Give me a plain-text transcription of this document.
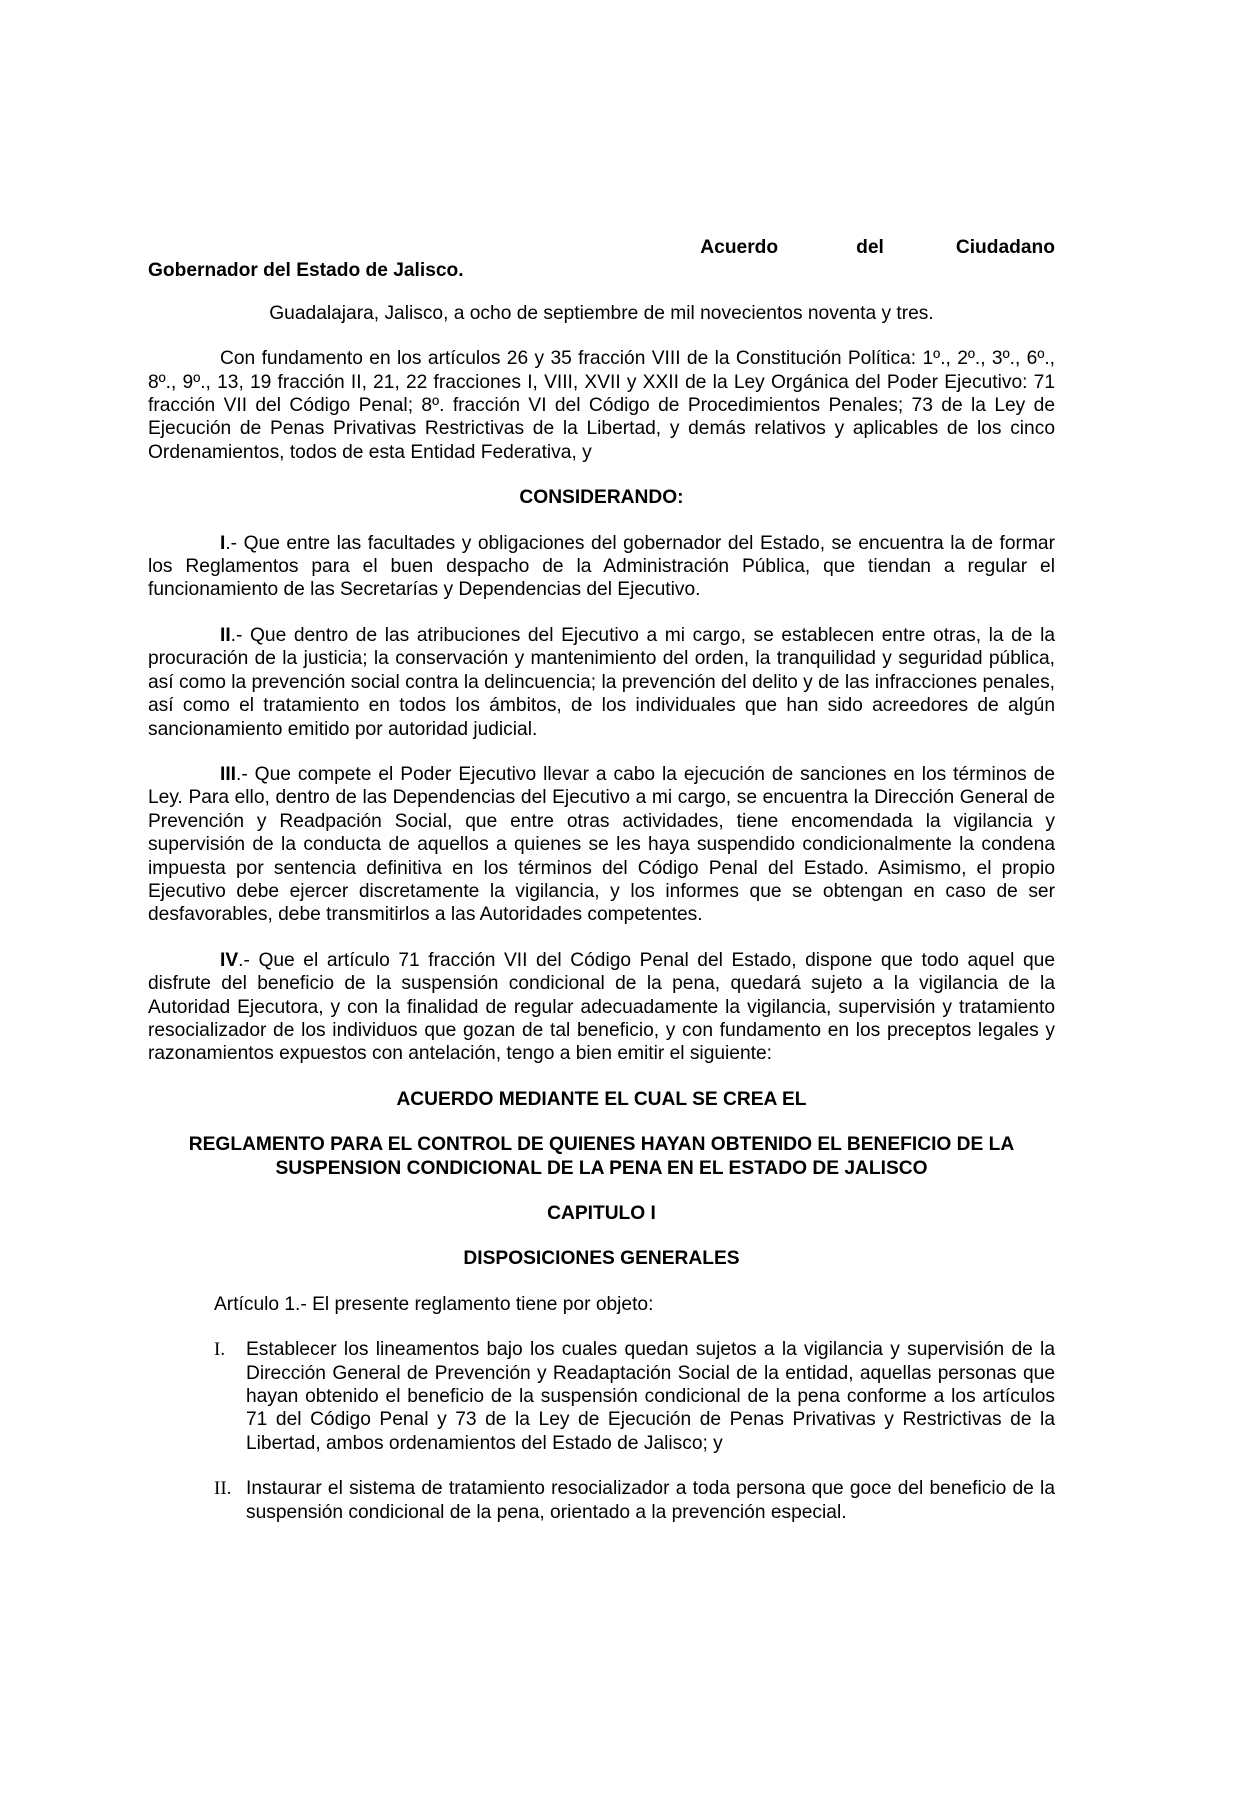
Acuerdo	del	Ciudadano
Gobernador del Estado de Jalisco.

Guadalajara, Jalisco, a ocho de septiembre de mil novecientos noventa y tres.

Con fundamento en los artículos 26 y 35 fracción VIII de la Constitución Política: 1º., 2º., 3º., 6º., 8º., 9º., 13, 19 fracción II, 21, 22 fracciones I, VIII, XVII y XXII de la Ley Orgánica del Poder Ejecutivo: 71 fracción VII del Código Penal; 8º. fracción VI del Código de Procedimientos Penales; 73 de la Ley de Ejecución de Penas Privativas Restrictivas de la Libertad, y demás relativos y aplicables de los cinco Ordenamientos, todos de esta Entidad Federativa, y

CONSIDERANDO:

I.- Que entre las facultades y obligaciones del gobernador del Estado, se encuentra la de formar los Reglamentos para el buen despacho de la Administración Pública, que tiendan a regular el funcionamiento de las Secretarías y Dependencias del Ejecutivo.

II.- Que dentro de las atribuciones del Ejecutivo a mi cargo, se establecen entre otras, la de la procuración de la justicia; la conservación y mantenimiento del orden, la tranquilidad y seguridad pública, así como la prevención social contra la delincuencia; la prevención del delito y de las infracciones penales, así como el tratamiento en todos los ámbitos, de los individuales que han sido acreedores de algún sancionamiento emitido por autoridad judicial.

III.- Que compete el Poder Ejecutivo llevar a cabo la ejecución de sanciones en los términos de Ley. Para ello, dentro de las Dependencias del Ejecutivo a mi cargo, se encuentra la Dirección General de Prevención y Readpación Social, que entre otras actividades, tiene encomendada la vigilancia y supervisión de la conducta de aquellos a quienes se les haya suspendido condicionalmente la condena impuesta por sentencia definitiva en los términos del Código Penal del Estado. Asimismo, el propio Ejecutivo debe ejercer discretamente la vigilancia, y los informes que se obtengan en caso de ser desfavorables, debe transmitirlos a las Autoridades competentes.

IV.- Que el artículo 71 fracción VII del Código Penal del Estado, dispone que todo aquel que disfrute del beneficio de la suspensión condicional de la pena, quedará sujeto a la vigilancia de la Autoridad Ejecutora, y con la finalidad de regular adecuadamente la vigilancia, supervisión y tratamiento resocializador de los individuos que gozan de tal beneficio, y con fundamento en los preceptos legales y razonamientos expuestos con antelación, tengo a bien emitir el siguiente:

ACUERDO MEDIANTE EL CUAL SE CREA EL

REGLAMENTO PARA EL CONTROL DE QUIENES HAYAN OBTENIDO EL BENEFICIO DE LA
SUSPENSION CONDICIONAL DE LA PENA EN EL ESTADO DE JALISCO

CAPITULO I

DISPOSICIONES GENERALES

Artículo 1.- El presente reglamento tiene por objeto:

I.	Establecer los lineamentos bajo los cuales quedan sujetos a la vigilancia y supervisión de la Dirección General de Prevención y Readaptación Social de la entidad, aquellas personas que hayan obtenido el beneficio de la suspensión condicional de la pena conforme a los artículos 71 del Código Penal y 73 de la Ley de Ejecución de Penas Privativas y Restrictivas de la Libertad, ambos ordenamientos del Estado de Jalisco; y
II. Instaurar el sistema de tratamiento resocializador a toda persona que goce del beneficio de la suspensión condicional de la pena, orientado a la prevención especial.
